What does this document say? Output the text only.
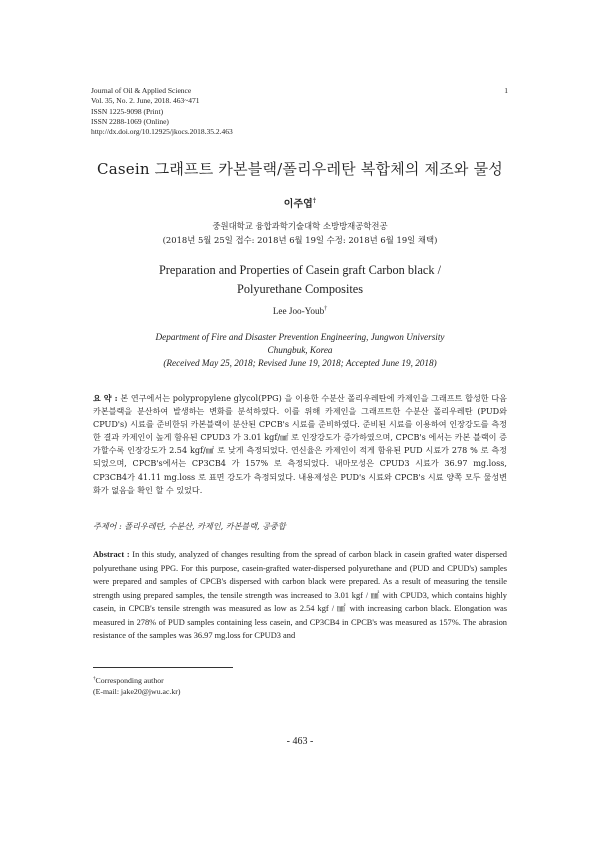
Journal of Oil & Applied Science
Vol. 35, No. 2. June, 2018. 463~471
ISSN 1225-9098 (Print)
ISSN 2288-1069 (Online)
http://dx.doi.org/10.12925/jkocs.2018.35.2.463
1
Casein 그래프트 카본블랙/폴리우레탄 복합체의 제조와 물성
이주엽†
중원대학교 융합과학기술대학 소방방재공학전공
(2018년 5월 25일 접수: 2018년 6월 19일 수정: 2018년 6월 19일 채택)
Preparation and Properties of Casein graft Carbon black /
Polyurethane Composites
Lee Joo-Youb†
Department of Fire and Disaster Prevention Engineering, Jungwon University
Chungbuk, Korea
(Received May 25, 2018; Revised June 19, 2018; Accepted June 19, 2018)
요 약 : 본 연구에서는 polypropylene glycol(PPG) 을 이용한 수분산 폴리우레탄에 카제인을 그래프트 합성한 다음 카본블랙을 분산하여 발생하는 변화를 분석하였다. 이를 위해 카제인을 그래프트한 수분산 폴리우레탄 (PUD와 CPUD's) 시료를 준비한뒤 카본블랙이 분산된 CPCB's 시료를 준비하였다. 준비된 시료를 이용하여 인장강도를 측정 한 결과 카제인이 높게 함유된 CPUD3 가 3.01 kgf/㎟ 로 인장강도가 증가하였으며, CPCB's 에서는 카본 블랙이 증가할수록 인장강도가 2.54 kgf/㎟ 로 낮게 측정되었다. 연신율은 카제인이 적게 함유된 PUD 시료가 278 % 로 측정되었으며, CPCB's에서는 CP3CB4 가 157% 로 측정되었다. 내마모성은 CPUD3 시료가 36.97 mg.loss, CP3CB4가 41.11 mg.loss 로 표면 강도가 측정되었다. 내용제성은 PUD's 시료와 CPCB's 시료 양쪽 모두 물성변화가 없음을 확인 할 수 있었다.
주제어 : 폴리우레탄, 수분산, 카제인, 카본블랙, 공중합
Abstract : In this study, analyzed of changes resulting from the spread of carbon black in casein grafted water dispersed polyurethane using PPG. For this purpose, casein-grafted water-dispersed polyurethane and (PUD and CPUD's) samples were prepared and samples of CPCB's dispersed with carbon black were prepared. As a result of measuring the tensile strength using prepared samples, the tensile strength was increased to 3.01 kgf / ㎟ with CPUD3, which contains highly casein, in CPCB's tensile strength was measured as low as 2.54 kgf / ㎟ with increasing carbon black. Elongation was measured in 278% of PUD samples containing less casein, and CP3CB4 in CPCB's was measured as 157%. The abrasion resistance of the samples was 36.97 mg.loss for CPUD3 and
†Corresponding author
(E-mail: jake20@jwu.ac.kr)
- 463 -
